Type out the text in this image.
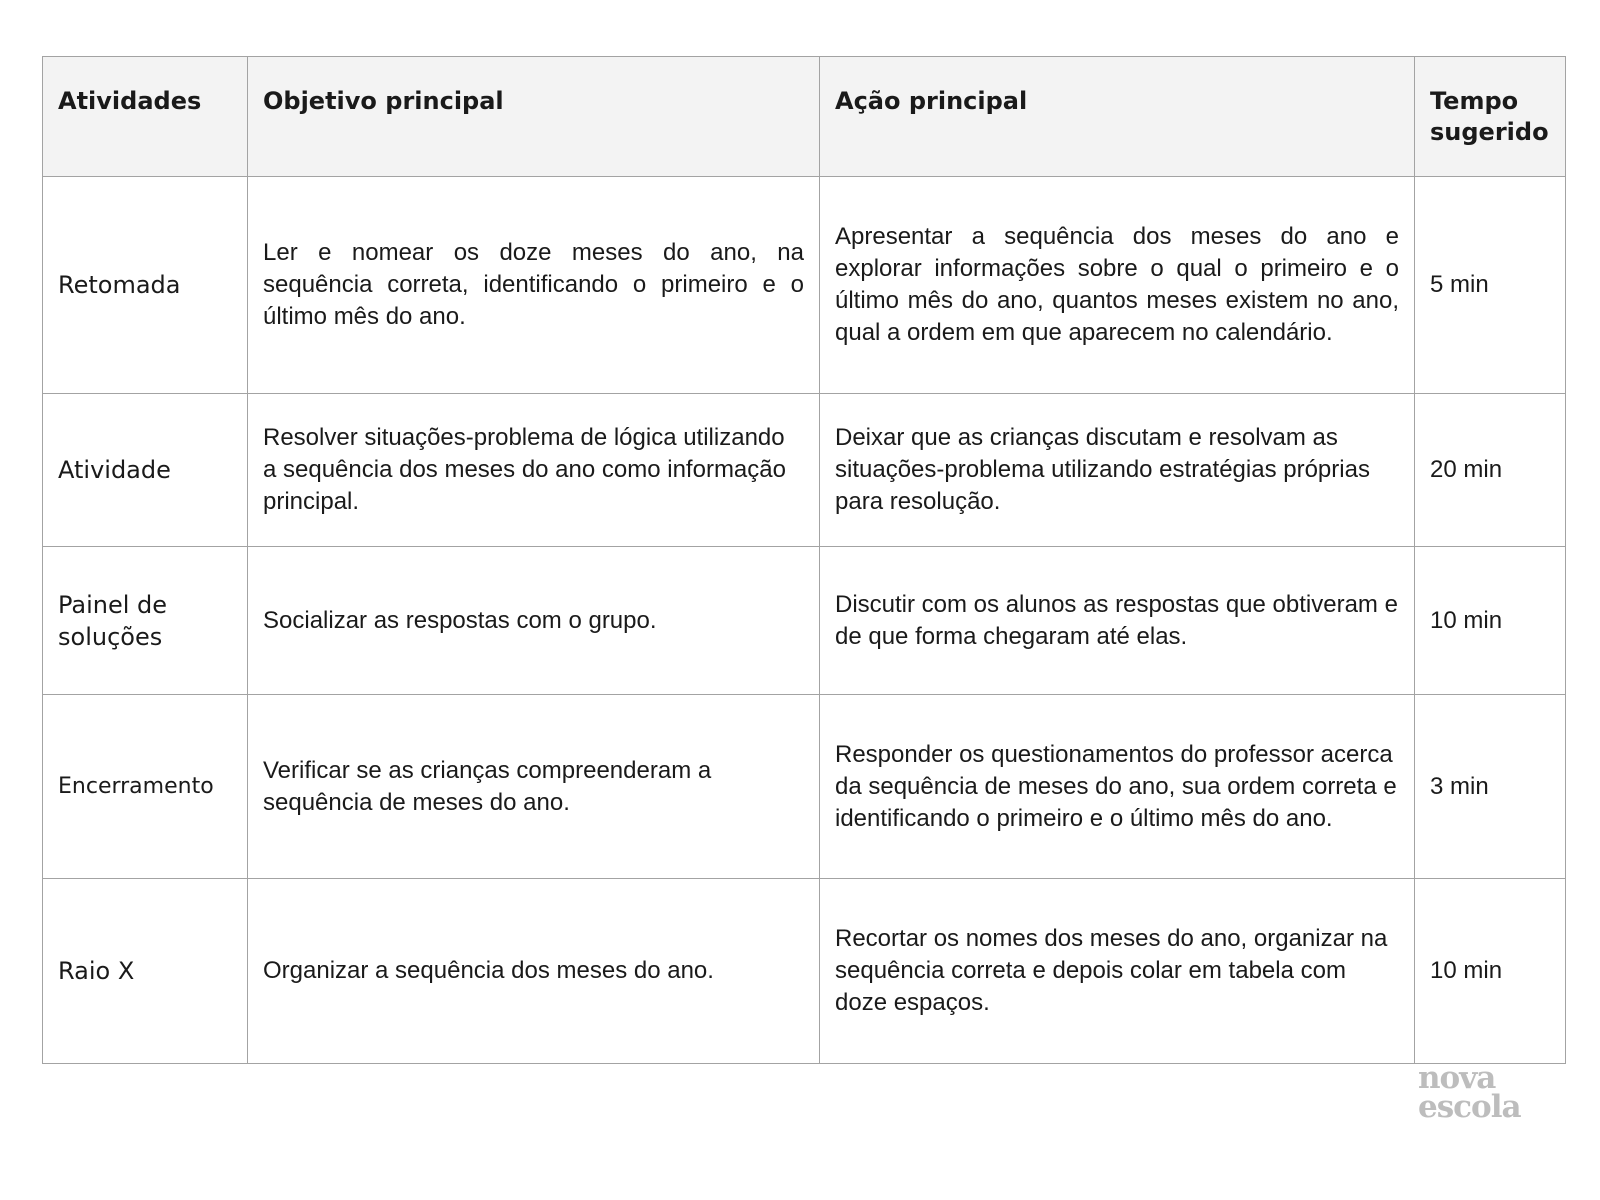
Atividades	Objetivo principal	Ação principal	Tempo sugerido
Retomada	Ler e nomear os doze meses do ano, na sequência correta, identificando o primeiro e o último mês do ano.	Apresentar a sequência dos meses do ano e explorar informações sobre o qual o primeiro e o último mês do ano, quantos meses existem no ano, qual a ordem em que aparecem no calendário.	5 min
Atividade	Resolver situações-problema de lógica utilizando a sequência dos meses do ano como informação principal.	Deixar que as crianças discutam e resolvam as situações-problema utilizando estratégias próprias para resolução.	20 min
Painel de soluções	Socializar as respostas com o grupo.	Discutir com os alunos as respostas que obtiveram e de que forma chegaram até elas.	10 min
Encerramento	Verificar se as crianças compreenderam a sequência de meses do ano.	Responder os questionamentos do professor acerca da sequência de meses do ano, sua ordem correta e identificando o primeiro e o último mês do ano.	3 min
Raio X	Organizar a sequência dos meses do ano.	Recortar os nomes dos meses do ano, organizar na sequência correta e depois colar em tabela com doze espaços.	10 min
nova
escola
